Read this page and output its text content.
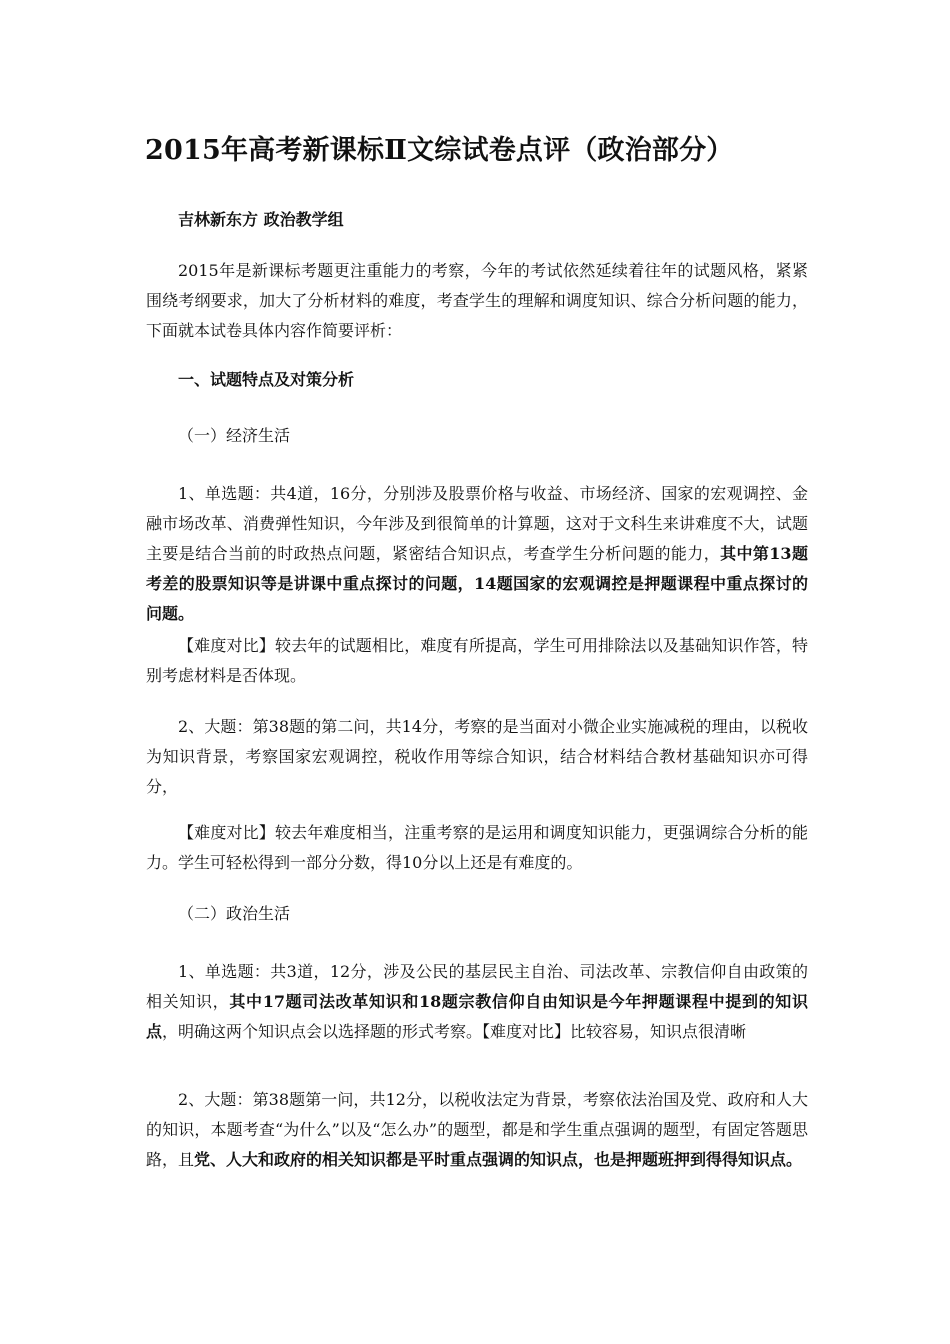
2015年高考新课标Ⅱ文综试卷点评（政治部分）

吉林新东方 政治教学组

2015年是新课标考题更注重能力的考察，今年的考试依然延续着往年的试题风格，紧紧围绕考纲要求，加大了分析材料的难度，考查学生的理解和调度知识、综合分析问题的能力，下面就本试卷具体内容作简要评析：

一、试题特点及对策分析

（一）经济生活

1、单选题：共4道，16分，分别涉及股票价格与收益、市场经济、国家的宏观调控、金融市场改革、消费弹性知识，今年涉及到很简单的计算题，这对于文科生来讲难度不大，试题主要是结合当前的时政热点问题，紧密结合知识点，考查学生分析问题的能力，其中第13题考差的股票知识等是讲课中重点探讨的问题，14题国家的宏观调控是押题课程中重点探讨的问题。

【难度对比】较去年的试题相比，难度有所提高，学生可用排除法以及基础知识作答，特别考虑材料是否体现。

2、大题：第38题的第二问，共14分，考察的是当面对小微企业实施减税的理由，以税收为知识背景，考察国家宏观调控，税收作用等综合知识，结合材料结合教材基础知识亦可得分，

【难度对比】较去年难度相当，注重考察的是运用和调度知识能力，更强调综合分析的能力。学生可轻松得到一部分分数，得10分以上还是有难度的。

（二）政治生活

1、单选题：共3道，12分，涉及公民的基层民主自治、司法改革、宗教信仰自由政策的相关知识，其中17题司法改革知识和18题宗教信仰自由知识是今年押题课程中提到的知识点，明确这两个知识点会以选择题的形式考察。【难度对比】比较容易，知识点很清晰

2、大题：第38题第一问，共12分，以税收法定为背景，考察依法治国及党、政府和人大的知识，本题考查“为什么”以及“怎么办”的题型，都是和学生重点强调的题型，有固定答题思路，且党、人大和政府的相关知识都是平时重点强调的知识点，也是押题班押到得得知识点。
